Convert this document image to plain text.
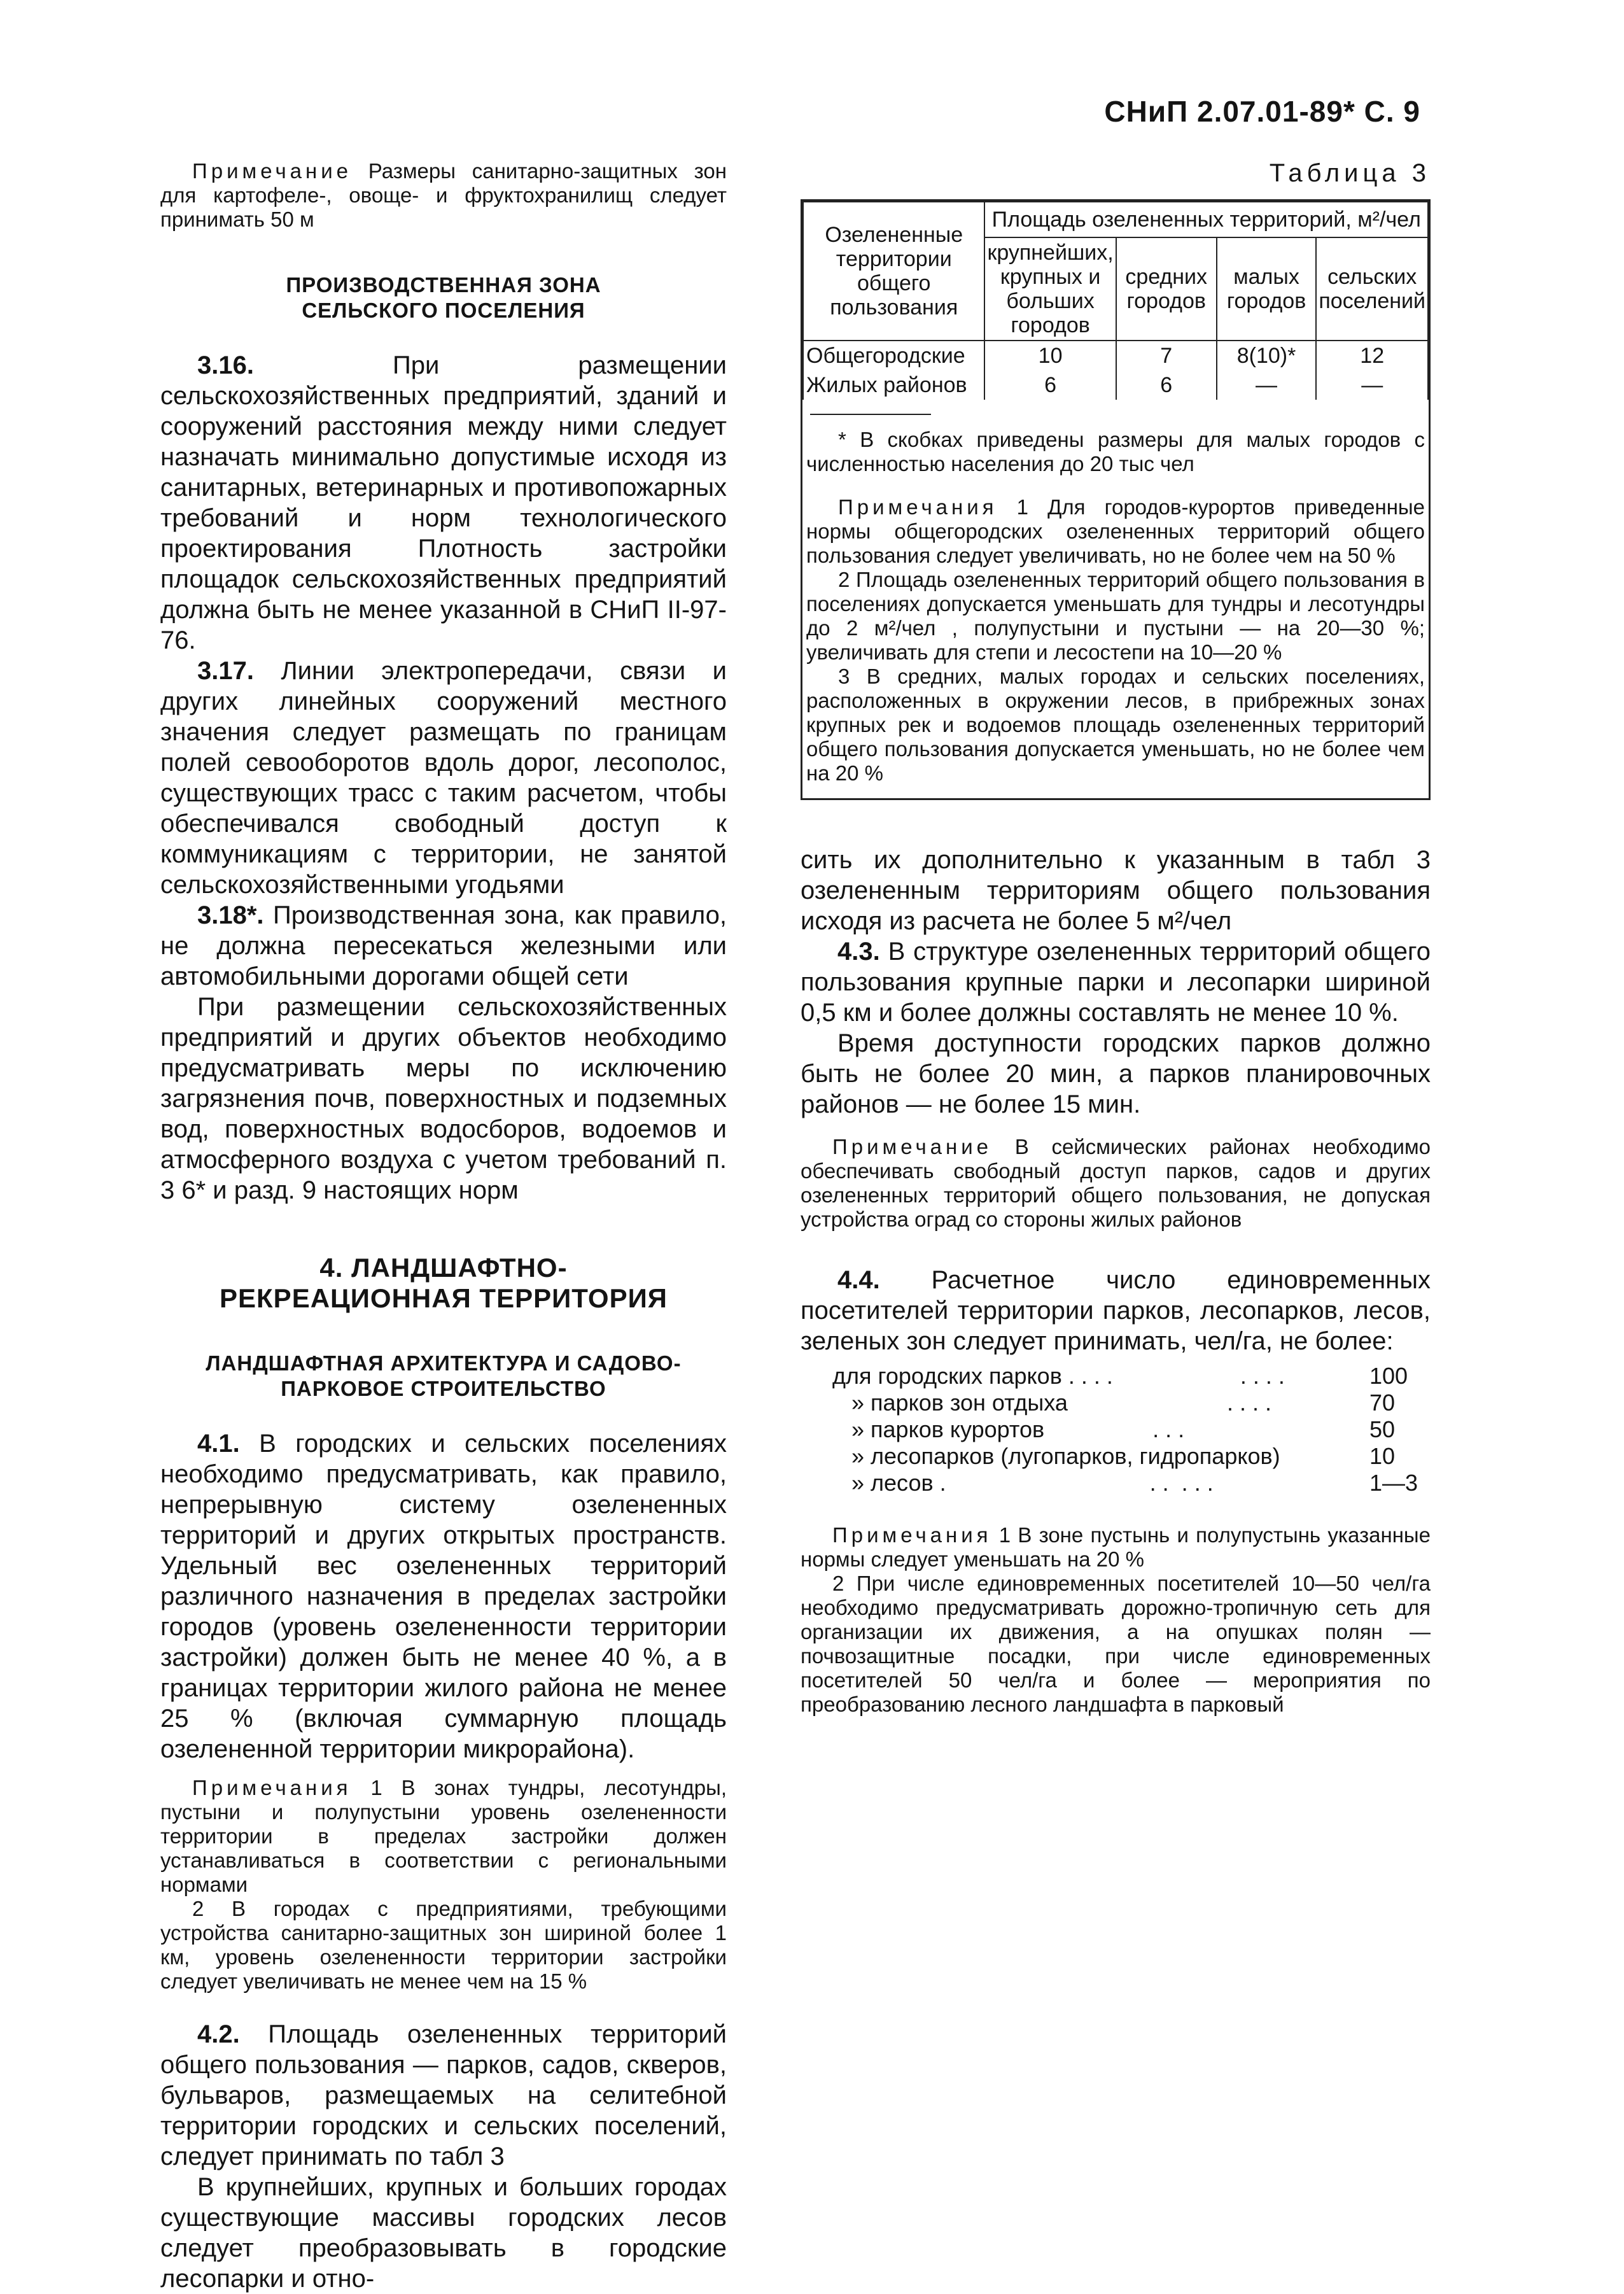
СНиП 2.07.01-89* С. 9

Примечание Размеры санитарно-защитных зон для картофеле-, овоще- и фруктохранилищ следует принимать 50 м

ПРОИЗВОДСТВЕННАЯ ЗОНА СЕЛЬСКОГО ПОСЕЛЕНИЯ

3.16. При размещении сельскохозяйственных предприятий, зданий и сооружений расстояния между ними следует назначать минимально допустимые исходя из санитарных, ветеринарных и противопожарных требований и норм технологического проектирования Плотность застройки площадок сельскохозяйственных предприятий должна быть не менее указанной в СНиП II-97-76.

3.17. Линии электропередачи, связи и других линейных сооружений местного значения следует размещать по границам полей севооборотов вдоль дорог, лесополос, существующих трасс с таким расчетом, чтобы обеспечивался свободный доступ к коммуникациям с территории, не занятой сельскохозяйственными угодьями

3.18*. Производственная зона, как правило, не должна пересекаться железными или автомобильными дорогами общей сети

При размещении сельскохозяйственных предприятий и других объектов необходимо предусматривать меры по исключению загрязнения почв, поверхностных и подземных вод, поверхностных водосборов, водоемов и атмосферного воздуха с учетом требований п. 3 6* и разд. 9 настоящих норм

4. ЛАНДШАФТНО-РЕКРЕАЦИОННАЯ ТЕРРИТОРИЯ

ЛАНДШАФТНАЯ АРХИТЕКТУРА И САДОВО-ПАРКОВОЕ СТРОИТЕЛЬСТВО

4.1. В городских и сельских поселениях необходимо предусматривать, как правило, непрерывную систему озелененных территорий и других открытых пространств. Удельный вес озелененных территорий различного назначения в пределах застройки городов (уровень озелененности территории застройки) должен быть не менее 40 %, а в границах территории жилого района не менее 25 % (включая суммарную площадь озелененной территории микрорайона).

Примечания 1 В зонах тундры, лесотундры, пустыни и полупустыни уровень озелененности территории в пределах застройки должен устанавливаться в соответствии с региональными нормами

2 В городах с предприятиями, требующими устройства санитарно-защитных зон шириной более 1 км, уровень озелененности территории застройки следует увеличивать не менее чем на 15 %

4.2. Площадь озелененных территорий общего пользования — парков, садов, скверов, бульваров, размещаемых на селитебной территории городских и сельских поселений, следует принимать по табл 3

В крупнейших, крупных и больших городах существующие массивы городских лесов следует преобразовывать в городские лесопарки и отно-

Таблица 3

Озелененные территории общего пользования	Площадь озелененных территорий, м²/чел			
	крупнейших, крупных и больших городов	средних городов	малых городов	сельских поселений
Общегородские	10	7	8(10)*	12
Жилых районов	6	6	—	—

* В скобках приведены размеры для малых городов с численностью населения до 20 тыс чел

Примечания 1 Для городов-курортов приведенные нормы общегородских озелененных территорий общего пользования следует увеличивать, но не более чем на 50 %

2 Площадь озелененных территорий общего пользования в поселениях допускается уменьшать для тундры и лесотундры до 2 м²/чел , полупустыни и пустыни — на 20—30 %; увеличивать для степи и лесостепи на 10—20 %

3 В средних, малых городах и сельских поселениях, расположенных в окружении лесов, в прибрежных зонах крупных рек и водоемов площадь озелененных территорий общего пользования допускается уменьшать, но не более чем на 20 %

сить их дополнительно к указанным в табл 3 озелененным территориям общего пользования исходя из расчета не более 5 м²/чел

4.3. В структуре озелененных территорий общего пользования крупные парки и лесопарки шириной 0,5 км и более должны составлять не менее 10 %.

Время доступности городских парков должно быть не более 20 мин, а парков планировочных районов — не более 15 мин.

Примечание В сейсмических районах необходимо обеспечивать свободный доступ парков, садов и других озелененных территорий общего пользования, не допуская устройства оград со стороны жилых районов

4.4. Расчетное число единовременных посетителей территории парков, лесопарков, лесов, зеленых зон следует принимать, чел/га, не более:

для городских парков . . . .                    . . . .	100
» парков зон отдыха                         . . . .	70
» парков курортов                 . . .	50
» лесопарков (лугопарков, гидропарков)	10
» лесов .                                . .  . . .	1—3

Примечания 1 В зоне пустынь и полупустынь указанные нормы следует уменьшать на 20 %

2 При числе единовременных посетителей 10—50 чел/га необходимо предусматривать дорожно-тропичную сеть для организации их движения, а на опушках полян — почвозащитные посадки, при числе единовременных посетителей 50 чел/га и более — мероприятия по преобразованию лесного ландшафта в парковый
